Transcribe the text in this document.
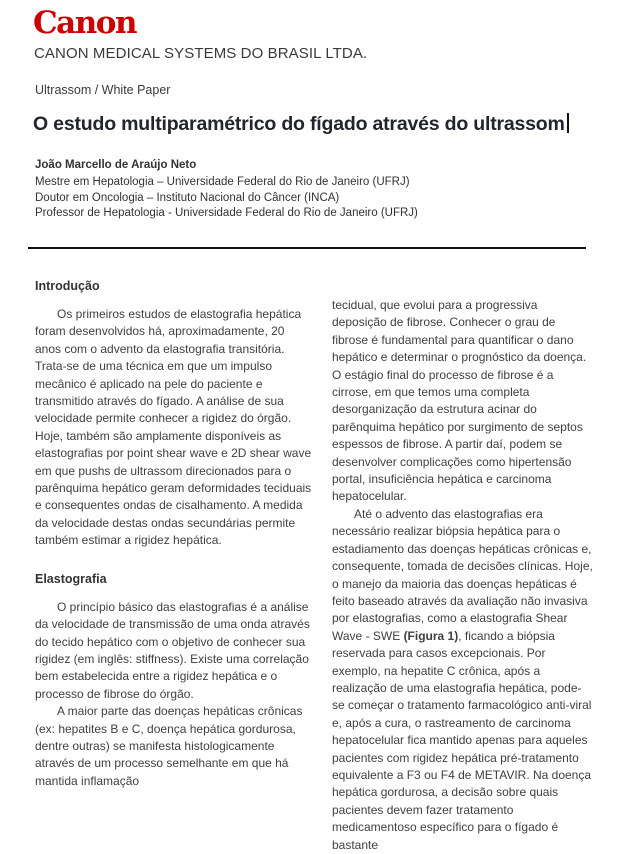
Canon
CANON MEDICAL SYSTEMS DO BRASIL LTDA.
Ultrassom / White Paper
O estudo multiparamétrico do fígado através do ultrassom
João Marcello de Araújo Neto
Mestre em Hepatologia – Universidade Federal do Rio de Janeiro (UFRJ)
Doutor em Oncologia – Instituto Nacional do Câncer (INCA)
Professor de Hepatologia - Universidade Federal do Rio de Janeiro (UFRJ)
Introdução

Os primeiros estudos de elastografia hepática foram desenvolvidos há, aproximadamente, 20 anos com o advento da elastografia transitória. Trata-se de uma técnica em que um impulso mecânico é aplicado na pele do paciente e transmitido através do fígado. A análise de sua velocidade permite conhecer a rigidez do órgão. Hoje, também são amplamente disponíveis as elastografias por point shear wave e 2D shear wave em que pushs de ultrassom direcionados para o parênquima hepático geram deformidades teciduais e consequentes ondas de cisalhamento. A medida da velocidade destas ondas secundárias permite também estimar a rigidez hepática.

Elastografia

O princípio básico das elastografias é a análise da velocidade de transmissão de uma onda através do tecido hepático com o objetivo de conhecer sua rigidez (em inglês: stiffness). Existe uma correlação bem estabelecida entre a rigidez hepática e o processo de fibrose do órgão.

A maior parte das doenças hepáticas crônicas (ex: hepatites B e C, doença hepática gordurosa, dentre outras) se manifesta histologicamente através de um processo semelhante em que há mantida inflamação

tecidual, que evolui para a progressiva deposição de fibrose. Conhecer o grau de fibrose é fundamental para quantificar o dano hepático e determinar o prognóstico da doença. O estágio final do processo de fibrose é a cirrose, em que temos uma completa desorganização da estrutura acinar do parênquima hepático por surgimento de septos espessos de fibrose. A partir daí, podem se desenvolver complicações como hipertensão portal, insuficiência hepática e carcinoma hepatocelular.

Até o advento das elastografias era necessário realizar biópsia hepática para o estadiamento das doenças hepáticas crônicas e, consequente, tomada de decisões clínicas. Hoje, o manejo da maioria das doenças hepáticas é feito baseado através da avaliação não invasiva por elastografias, como a elastografia Shear Wave - SWE (Figura 1), ficando a biópsia reservada para casos excepcionais. Por exemplo, na hepatite C crônica, após a realização de uma elastografia hepática, pode-se começar o tratamento farmacológico anti-viral e, após a cura, o rastreamento de carcinoma hepatocelular fica mantido apenas para aqueles pacientes com rigidez hepática pré-tratamento equivalente a F3 ou F4 de METAVIR. Na doença hepática gordurosa, a decisão sobre quais pacientes devem fazer tratamento medicamentoso específico para o fígado é bastante
